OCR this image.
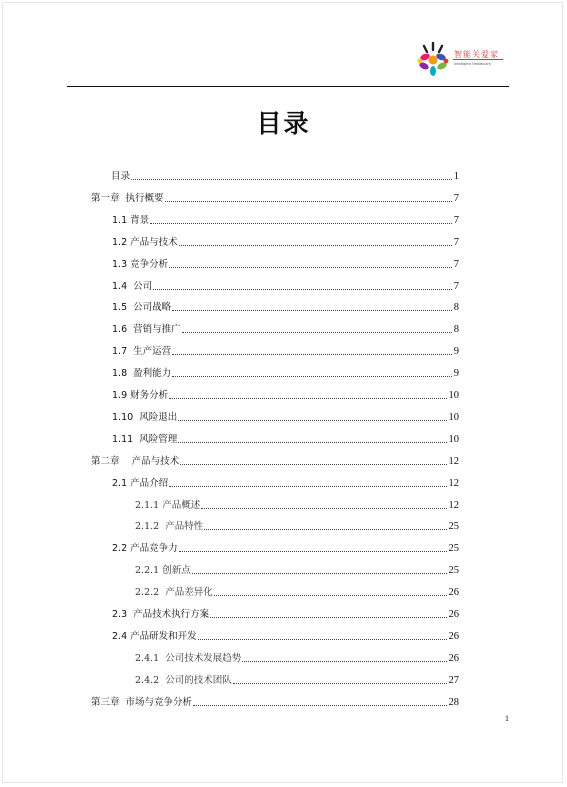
智能关爱家
Intelligent Healthcare
目录
目录	1
第一章  执行概要	7
1.1 背景	7
1.2 产品与技术	7
1.3 竞争分析	7
1.4  公司	7
1.5  公司战略	8
1.6  营销与推广	8
1.7  生产运营	9
1.8  盈利能力	9
1.9 财务分析	10
1.10  风险退出	10
1.11  风险管理	10
第二章    产品与技术	12
2.1 产品介绍	12
2.1.1 产品概述	12
2.1.2  产品特性	25
2.2 产品竞争力	25
2.2.1 创新点	25
2.2.2  产品差异化	26
2.3  产品技术执行方案	26
2.4 产品研发和开发	26
2.4.1  公司技术发展趋势	26
2.4.2  公司的技术团队	27
第三章  市场与竞争分析	28
1
